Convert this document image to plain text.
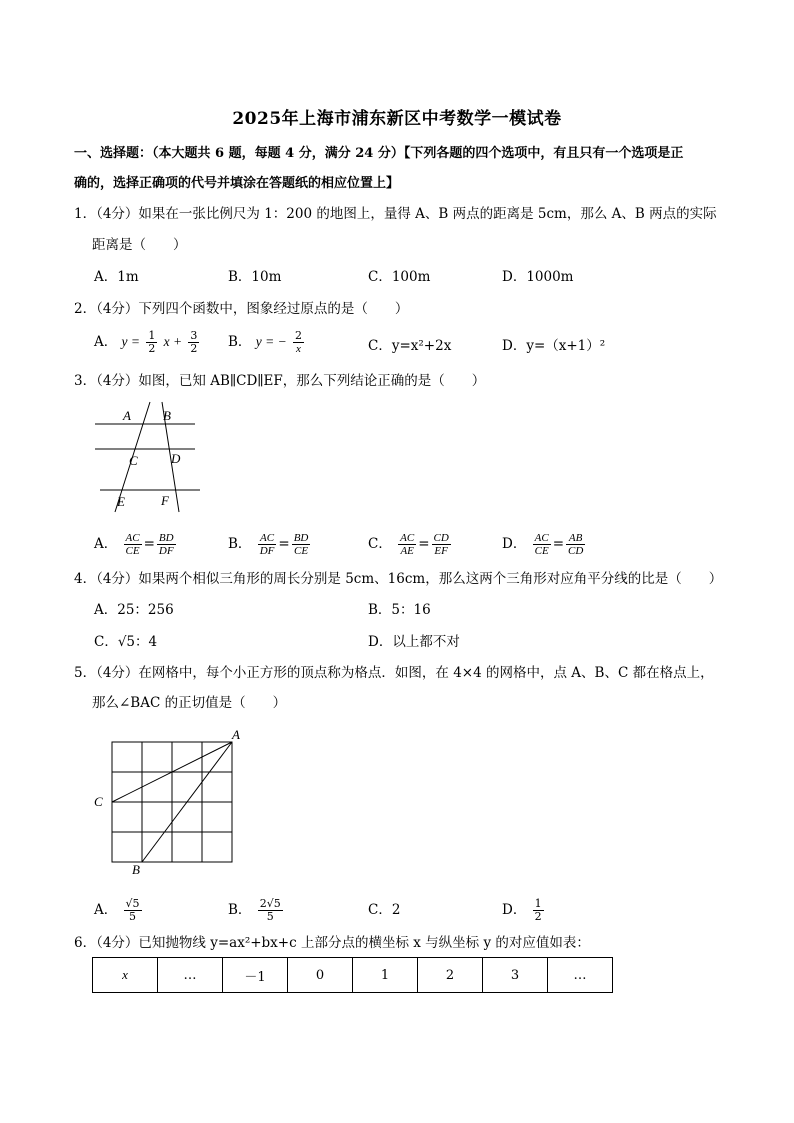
2025年上海市浦东新区中考数学一模试卷
一、选择题：（本大题共 6 题，每题 4 分，满分 24 分）【下列各题的四个选项中，有且只有一个选项是正
确的，选择正确项的代号并填涂在答题纸的相应位置上】
1．（4分）如果在一张比例尺为 1：200 的地图上，量得 A、B 两点的距离是 5cm，那么 A、B 两点的实际
距离是（　　）
A．1m	B．10m	C．100m	D．1000m
2．（4分）下列四个函数中，图象经过原点的是（　　）
A． $y = \frac{1}{2}$ $x + \frac{3}{2}$ B． y = − $\frac{2}{x}$	C．y=x²+2x	D．y=（x+1）²
3．（4分）如图，已知 AB∥CD∥EF，那么下列结论正确的是（　　）
A B
C	D
E	F
A． $\frac{AC}{CE} = \frac{BD}{DF}$	B． $\frac{AC}{DF} = \frac{BD}{CE}$	C． $\frac{AC}{AE} = \frac{CD}{EF}$	D． $\frac{AC}{CE} = \frac{AB}{CD}$
4．（4分）如果两个相似三角形的周长分别是 5cm、16cm，那么这两个三角形对应角平分线的比是（　　）
A．25：256	B．5：16
C．√5：4	D．以上都不对
5．（4分）在网格中，每个小正方形的顶点称为格点．如图，在 4×4 的网格中，点 A、B、C 都在格点上，
那么∠BAC 的正切值是（　　）
A
B
C
A． $\frac{√5}{5}$	B． $\frac{2√5}{5}$	C．2	D． $\frac{1}{2}$
6．（4分）已知抛物线 y=ax²+bx+c 上部分点的横坐标 x 与纵坐标 y 的对应值如表：
x	…	－1	0	1	2	3	…
